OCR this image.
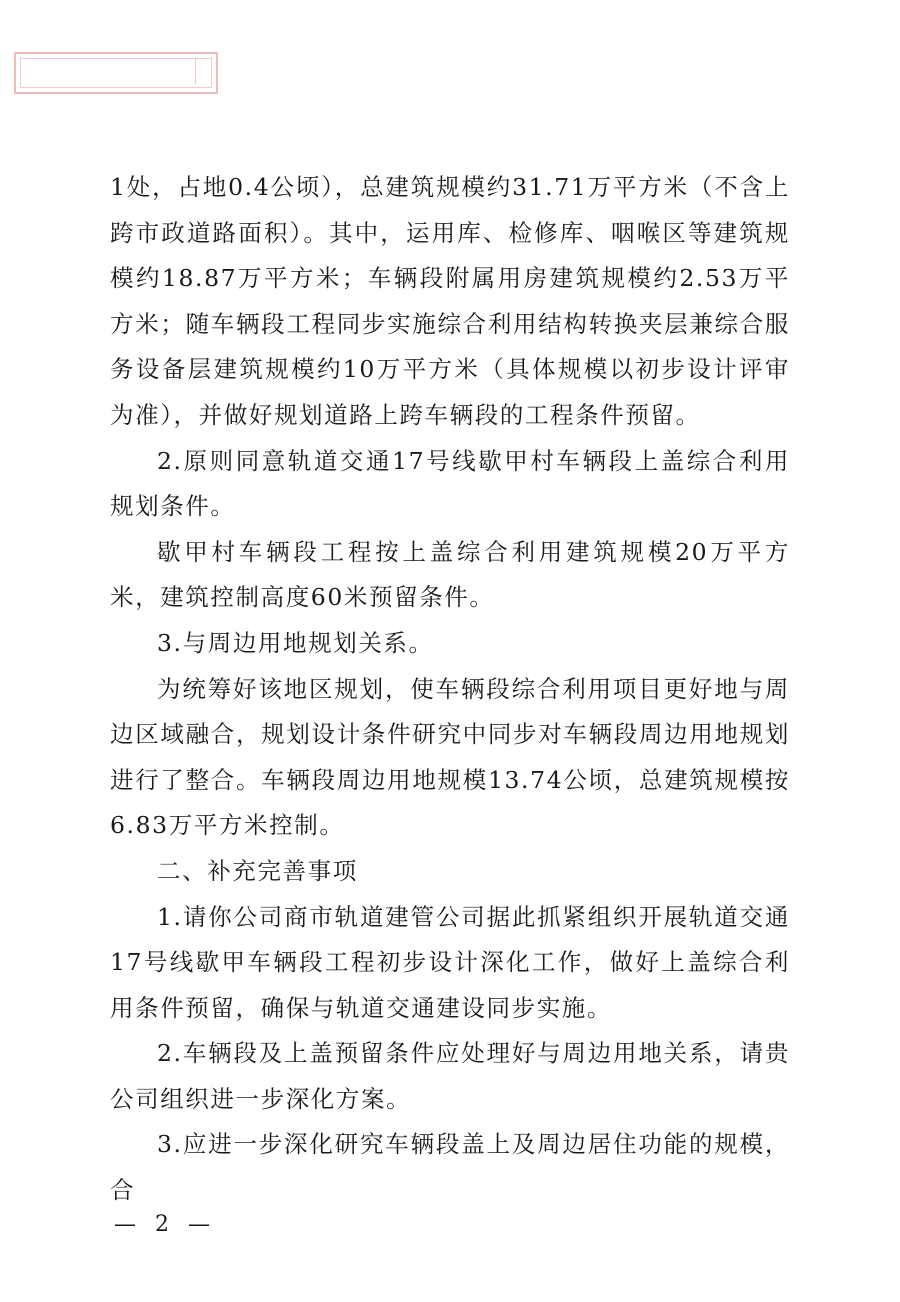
1处，占地0.4公顷），总建筑规模约31.71万平方米（不含上跨市政道路面积）。其中，运用库、检修库、咽喉区等建筑规模约18.87万平方米；车辆段附属用房建筑规模约2.53万平方米；随车辆段工程同步实施综合利用结构转换夹层兼综合服务设备层建筑规模约10万平方米（具体规模以初步设计评审为准），并做好规划道路上跨车辆段的工程条件预留。

2.原则同意轨道交通17号线歇甲村车辆段上盖综合利用规划条件。

歇甲村车辆段工程按上盖综合利用建筑规模20万平方米，建筑控制高度60米预留条件。

3.与周边用地规划关系。

为统筹好该地区规划，使车辆段综合利用项目更好地与周边区域融合，规划设计条件研究中同步对车辆段周边用地规划进行了整合。车辆段周边用地规模13.74公顷，总建筑规模按6.83万平方米控制。

二、补充完善事项

1.请你公司商市轨道建管公司据此抓紧组织开展轨道交通17号线歇甲车辆段工程初步设计深化工作，做好上盖综合利用条件预留，确保与轨道交通建设同步实施。

2.车辆段及上盖预留条件应处理好与周边用地关系，请贵公司组织进一步深化方案。

3.应进一步深化研究车辆段盖上及周边居住功能的规模，合

— 2 —
